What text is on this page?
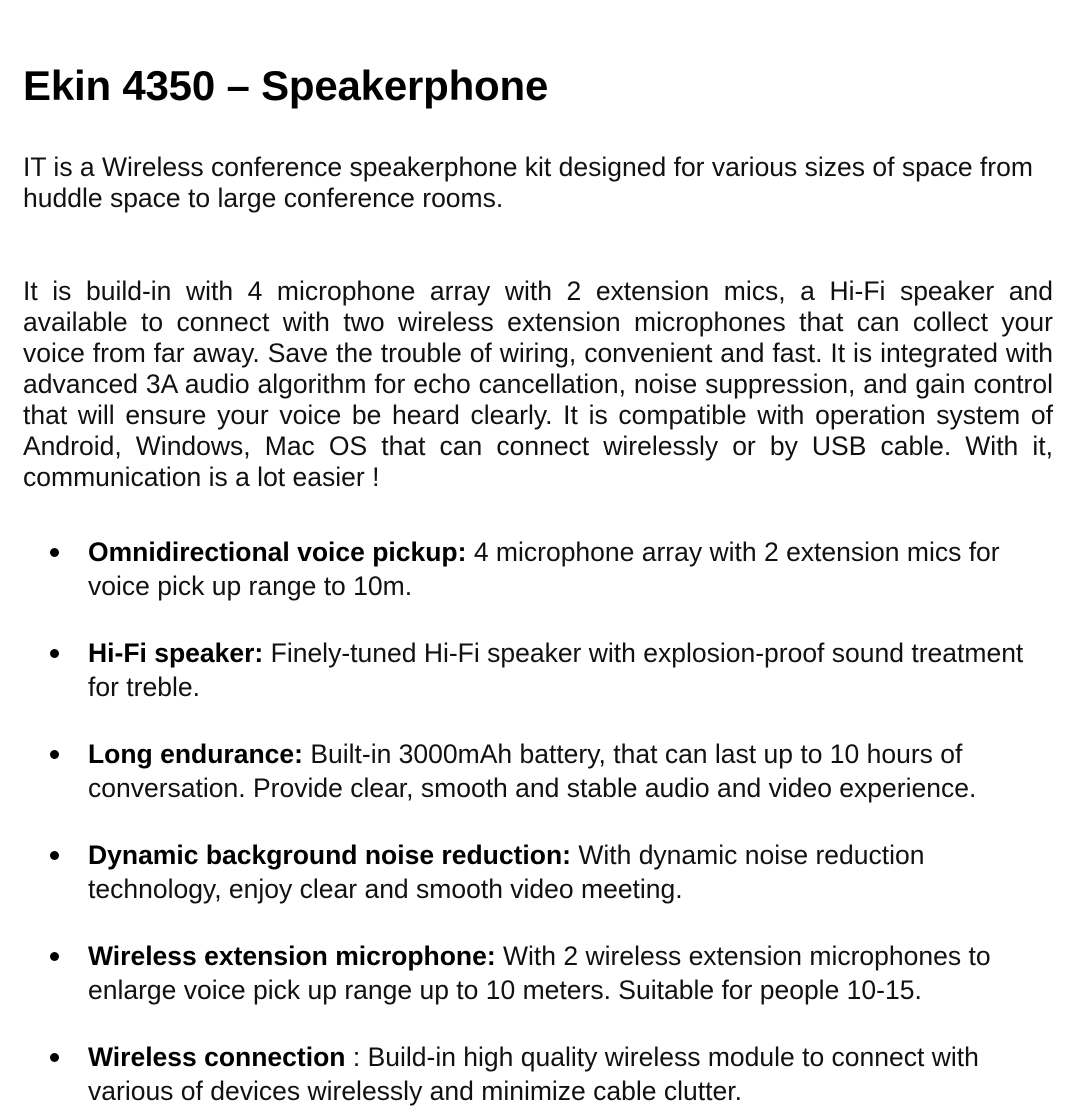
Ekin 4350 – Speakerphone

IT is a Wireless conference speakerphone kit designed for various sizes of space from huddle space to large conference rooms.

It is build-in with 4 microphone array with 2 extension mics, a Hi-Fi speaker and available to connect with two wireless extension microphones that can collect your voice from far away. Save the trouble of wiring, convenient and fast. It is integrated with advanced 3A audio algorithm for echo cancellation, noise suppression, and gain control that will ensure your voice be heard clearly. It is compatible with operation system of Android, Windows, Mac OS that can connect wirelessly or by USB cable. With it, communication is a lot easier !

Omnidirectional voice pickup: 4 microphone array with 2 extension mics for voice pick up range to 10m.
Hi-Fi speaker: Finely-tuned Hi-Fi speaker with explosion-proof sound treatment for treble.
Long endurance: Built-in 3000mAh battery, that can last up to 10 hours of conversation. Provide clear, smooth and stable audio and video experience.
Dynamic background noise reduction: With dynamic noise reduction technology, enjoy clear and smooth video meeting.
Wireless extension microphone: With 2 wireless extension microphones to enlarge voice pick up range up to 10 meters. Suitable for people 10-15.
Wireless connection : Build-in high quality wireless module to connect with various of devices wirelessly and minimize cable clutter.
